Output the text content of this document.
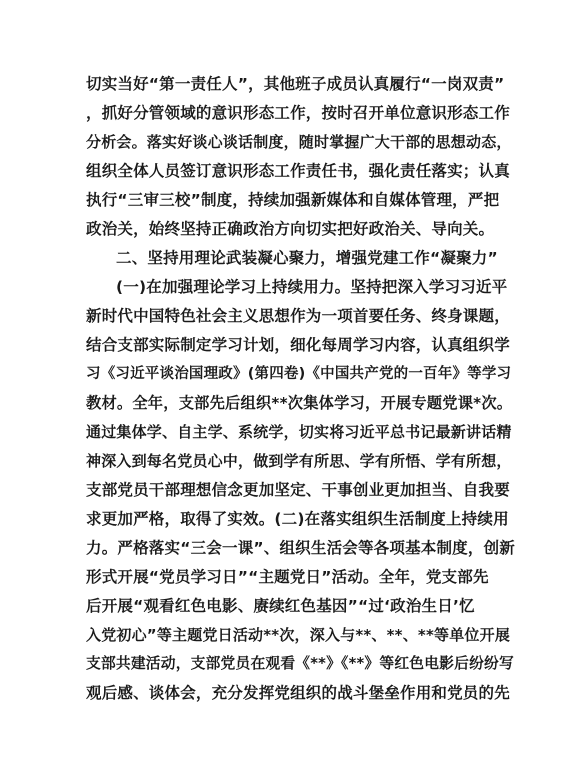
切实当好“第一责任人”，其他班子成员认真履行“一岗双责”
，抓好分管领域的意识形态工作，按时召开单位意识形态工作
分析会。落实好谈心谈话制度，随时掌握广大干部的思想动态，
组织全体人员签订意识形态工作责任书，强化责任落实；认真
执行“三审三校”制度，持续加强新媒体和自媒体管理，严把
政治关，始终坚持正确政治方向切实把好政治关、导向关。
二、坚持用理论武装凝心聚力，增强党建工作“凝聚力”
(一)在加强理论学习上持续用力。坚持把深入学习习近平
新时代中国特色社会主义思想作为一项首要任务、终身课题，
结合支部实际制定学习计划，细化每周学习内容，认真组织学
习《习近平谈治国理政》(第四卷)《中国共产党的一百年》等学习
教材。全年，支部先后组织**次集体学习，开展专题党课*次。
通过集体学、自主学、系统学，切实将习近平总书记最新讲话精
神深入到每名党员心中，做到学有所思、学有所悟、学有所想，
支部党员干部理想信念更加坚定、干事创业更加担当、自我要
求更加严格，取得了实效。(二)在落实组织生活制度上持续用
力。严格落实“三会一课”、组织生活会等各项基本制度，创新
形式开展“党员学习日”“主题党日”活动。全年，党支部先
后开展“观看红色电影、赓续红色基因”“过‘政治生日’忆
入党初心”等主题党日活动**次，深入与**、**、**等单位开展
支部共建活动，支部党员在观看《**》《**》等红色电影后纷纷写
观后感、谈体会，充分发挥党组织的战斗堡垒作用和党员的先
